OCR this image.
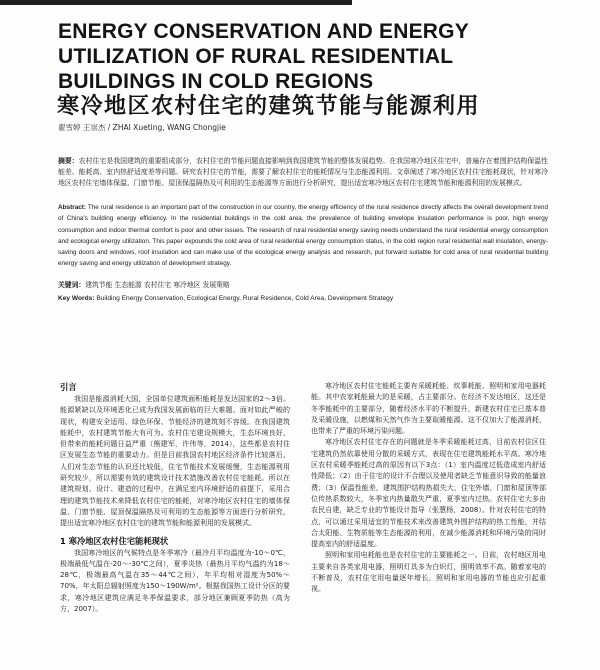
ENERGY CONSERVATION AND ENERGY
UTILIZATION OF RURAL RESIDENTIAL
BUILDINGS IN COLD REGIONS
寒冷地区农村住宅的建筑节能与能源利用
翟雪婷 王崇杰 / ZHAI Xueting, WANG Chongjie
摘要：农村住宅是我国建筑的重要组成部分，农村住宅的节能问题直接影响到我国建筑节能的整体发展趋势。在我国寒冷地区住宅中，普遍存在着围护结构保温性能差、能耗高、室内热舒适度差等问题。研究农村住宅的节能，需要了解农村住宅的能耗情况与生态能源利用。文章阐述了寒冷地区农村住宅能耗现状，针对寒冷地区农村住宅墙体保温、门窗节能、屋顶保温隔热及可利用的生态能源等方面进行分析研究，提出适宜寒冷地区农村住宅建筑节能和能源利用的发展模式。
Abstract: The rural residence is an important part of the construction in our country, the energy efficiency of the rural residence directly affects the overall development trend of China's building energy efficiency. In the residential buildings in the cold area, the prevalence of building envelope insulation performance is poor, high energy consumption and indoor thermal comfort is poor and other issues. The research of rural residential energy saving needs understand the rural residential energy consumption and ecological energy utilization. This paper expounds the cold area of rural residential energy consumption status, in the cold region rural residential wall insulation, energy-saving doors and windows, roof insulation and can make use of the ecological energy analysis and research, put forward suitable for cold area of rural residential building energy saving and energy utilization of development strategy.
关键词：建筑节能 生态能源 农村住宅 寒冷地区 发展策略
Key Words: Building Energy Conservation, Ecological Energy, Rural Residence, Cold Area, Development Strategy
引言

我国是能源消耗大国，全国单位建筑面积能耗是发达国家的2～3倍。能源紧缺以及环境恶化已成为我国发展面临的巨大难题。面对如此严峻的现状，构建安全适用、绿色环保、节能经济的建筑刻不容缓。在我国建筑能耗中，农村建筑节能大有可为。农村住宅建设规模大，生态环境良好，但带来的能耗问题日益严重（熊建军，许伟等，2014），这些都是农村住区发展生态节能的重要动力。但是目前我国农村地区经济条件比较落后，人们对生态节能的认识还比较低，住宅节能技术发展缓慢，生态能源利用研究较少，所以需要有效的建筑设计技术措施改善农村住宅能耗。所以在建筑规划、设计、建造的过程中，在满足室内环境舒适的前提下，采用合理的建筑节能技术来降低农村住宅的能耗，对寒冷地区农村住宅的墙体保温、门窗节能、屋顶保温隔热及可利用的生态能源等方面进行分析研究，提出适宜寒冷地区农村住宅的建筑节能和能源利用的发展模式。

1 寒冷地区农村住宅能耗现状

我国寒冷地区的气候特点是冬季寒冷（最冷月平均温度为-10～0℃，极端最低气温在-20～-30℃之间），夏季炎热（最热月平均气温约为18～28℃，极端最高气温在35～44℃之间），年平均相对湿度为50%～70%，年太阳总辐射照度为150～190W/m²。根据我国热工设计分区的要求，寒冷地区建筑应满足冬季保温要求，部分地区兼顾夏季防热（高为方，2007）。

寒冷地区农村住宅能耗主要有采暖耗能、炊事耗能、照明和家用电器耗能。其中农家耗能最大的是采暖，占主要部分。在经济不发达地区，这还是冬季能耗中的主要部分，随着经济水平的不断提升，新建农村住宅已基本普及采暖设施，以燃煤和天然气作为主要取暖能源。这不仅加大了能源消耗，也带来了严重的环境污染问题。

寒冷地区农村住宅存在的问题就是冬季采暖能耗过高，目前农村住区住宅建筑仍然依靠使用分散的采暖方式，表现在住宅建筑能耗水平高。寒冷地区农村采暖季能耗过高的原因有以下3点：（1）室内温度过低造成室内舒适性降低；（2）由于住宅的设计不合理以及使用者缺乏节能意识导致的能量浪费；（3）保温性能差，建筑围护结构热损失大，住宅外墙、门窗和屋顶等部位传热系数较大，冬季室内热量散失严重，夏季室内过热。农村住宅大多由农民自建，缺乏专业的节能设计指导（张慧杨，2008）。针对农村住宅的特点，可以通过采用适宜的节能技术来改善建筑外围护结构的热工性能，并结合太阳能、生物质能等生态能源的利用，在减少能源消耗和环境污染的同时提高室内的舒适温度。

照明和家用电耗能也是农村住宅的主要能耗之一。目前，农村地区用电主要来自各类家用电器，照明灯具多为白炽灯，照明效率不高。随着家电的不断普及，农村住宅用电量逐年增长，照明和家用电器的节能也应引起重视。
